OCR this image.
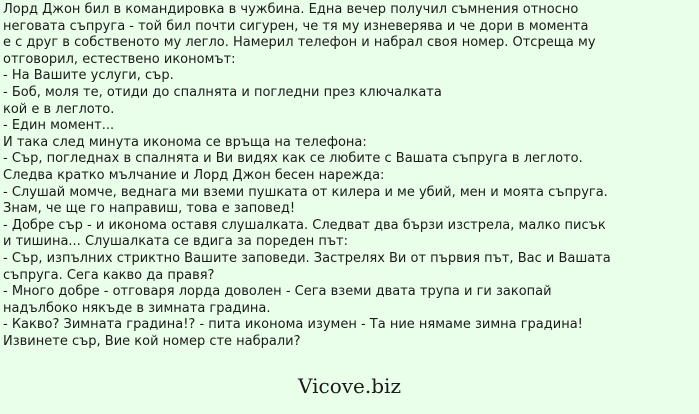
Лорд Джон бил в командировка в чужбина. Една вечер получил съмнения относно
неговата съпруга - той бил почти сигурен, че тя му изневерява и че дори в момента
е с друг в собственото му легло. Намерил телефон и набрал своя номер. Отсреща му
отговорил, естествено икономът:
- На Вашите услуги, сър.
- Боб, моля те, отиди до спалнята и погледни през ключалката
кой е в леглото.
- Един момент...
И така след минута иконома се връща на телефона:
- Сър, погледнах в спалнята и Ви видях как се любите с Вашата съпруга в леглото.
Следва кратко мълчание и Лорд Джон бесен нарежда:
- Слушай момче, веднага ми вземи пушката от килера и ме убий, мен и моята съпруга.
Знам, че ще го направиш, това е заповед!
- Добре сър - и иконома оставя слушалката. Следват два бързи изстрела, малко писък
и тишина... Слушалката се вдига за пореден път:
- Сър, изпълних стриктно Вашите заповеди. Застрелях Ви от първия път, Вас и Вашата
съпруга. Сега какво да правя?
- Много добре - отговаря лорда доволен - Сега вземи двата трупа и ги закопай
надълбоко някъде в зимната градина.
- Какво? Зимната градина!? - пита иконома изумен - Та ние нямаме зимна градина!
Извинете сър, Вие кой номер сте набрали?
Vicove.biz
